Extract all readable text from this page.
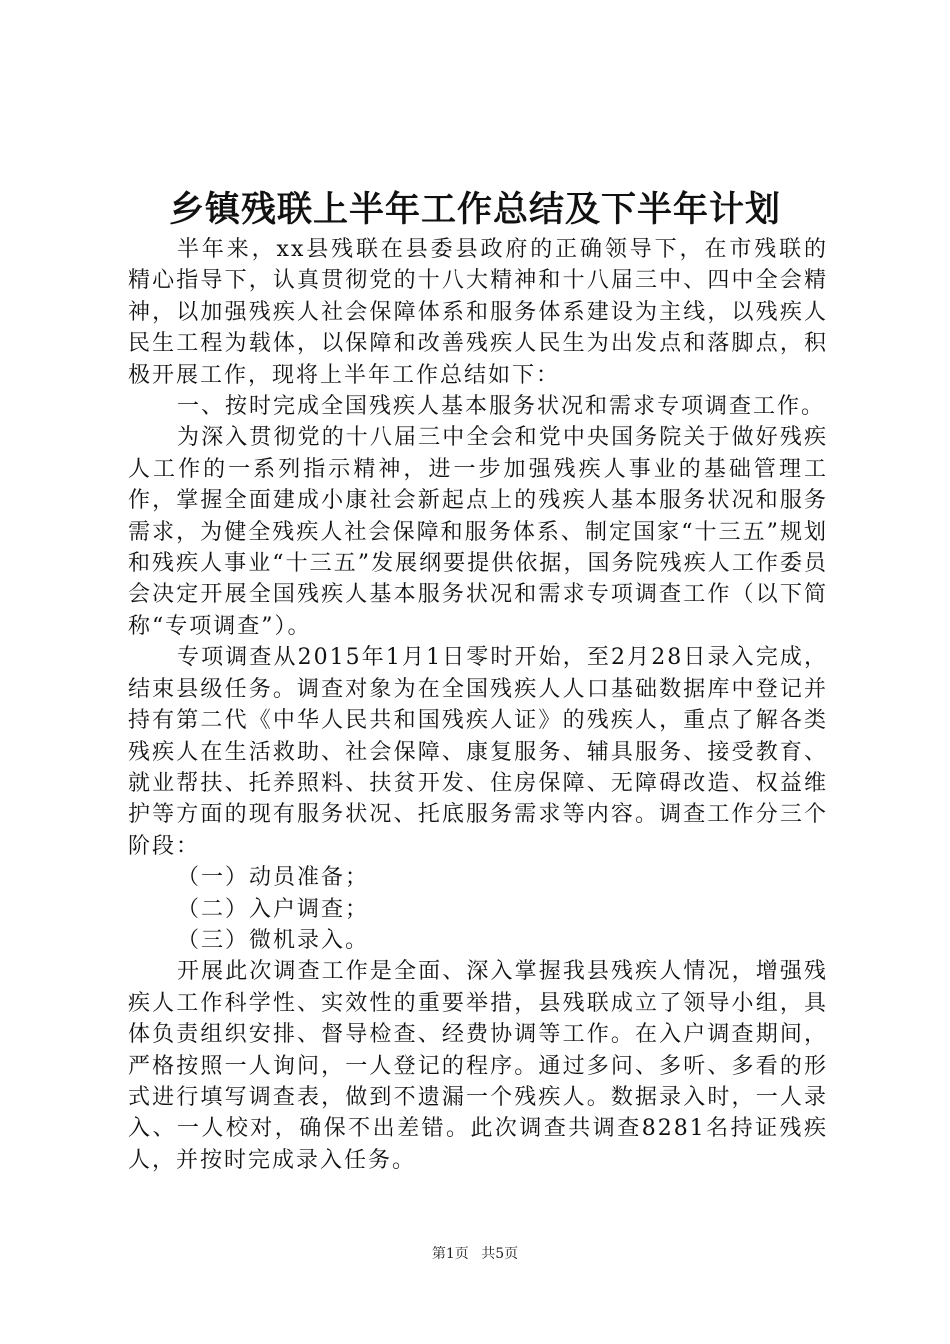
乡镇残联上半年工作总结及下半年计划

半年来，xx县残联在县委县政府的正确领导下，在市残联的精心指导下，认真贯彻党的十八大精神和十八届三中、四中全会精神，以加强残疾人社会保障体系和服务体系建设为主线，以残疾人民生工程为载体，以保障和改善残疾人民生为出发点和落脚点，积极开展工作，现将上半年工作总结如下：

一、按时完成全国残疾人基本服务状况和需求专项调查工作。

为深入贯彻党的十八届三中全会和党中央国务院关于做好残疾人工作的一系列指示精神，进一步加强残疾人事业的基础管理工作，掌握全面建成小康社会新起点上的残疾人基本服务状况和服务需求，为健全残疾人社会保障和服务体系、制定国家“十三五”规划和残疾人事业“十三五”发展纲要提供依据，国务院残疾人工作委员会决定开展全国残疾人基本服务状况和需求专项调查工作（以下简称“专项调查”）。

专项调查从2015年1月1日零时开始，至2月28日录入完成，结束县级任务。调查对象为在全国残疾人人口基础数据库中登记并持有第二代《中华人民共和国残疾人证》的残疾人，重点了解各类残疾人在生活救助、社会保障、康复服务、辅具服务、接受教育、就业帮扶、托养照料、扶贫开发、住房保障、无障碍改造、权益维护等方面的现有服务状况、托底服务需求等内容。调查工作分三个阶段：

（一）动员准备；

（二）入户调查；

（三）微机录入。

开展此次调查工作是全面、深入掌握我县残疾人情况，增强残疾人工作科学性、实效性的重要举措，县残联成立了领导小组，具体负责组织安排、督导检查、经费协调等工作。在入户调查期间，严格按照一人询问，一人登记的程序。通过多问、多听、多看的形式进行填写调查表，做到不遗漏一个残疾人。数据录入时，一人录入、一人校对，确保不出差错。此次调查共调查8281名持证残疾人，并按时完成录入任务。

第1页 共5页
